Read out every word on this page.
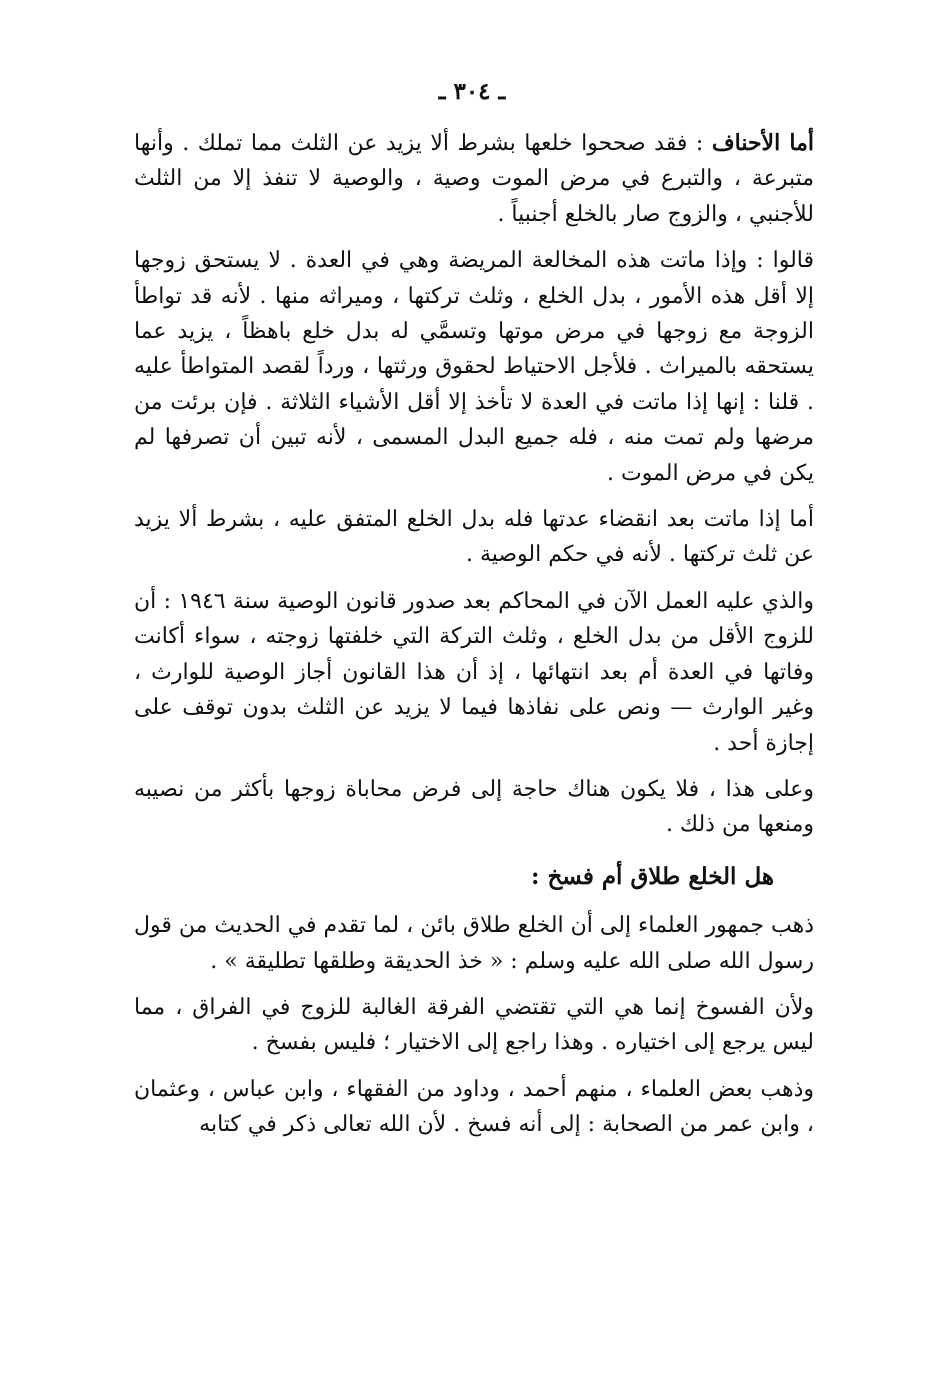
ـ ٣٠٤ ـ

أما الأحناف : فقد صححوا خلعها بشرط ألا يزيد عن الثلث مما تملك . وأنها متبرعة ، والتبرع في مرض الموت وصية ، والوصية لا تنفذ إلا من الثلث للأجنبي ، والزوج صار بالخلع أجنبياً .

قالوا : وإذا ماتت هذه المخالعة المريضة وهي في العدة . لا يستحق زوجها إلا أقل هذه الأمور ، بدل الخلع ، وثلث تركتها ، وميراثه منها . لأنه قد تواطأ الزوجة مع زوجها في مرض موتها وتسمَّي له بدل خلع باهظاً ، يزيد عما يستحقه بالميراث . فلأجل الاحتياط لحقوق ورثتها ، ورداً لقصد المتواطأ عليه . قلنا : إنها إذا ماتت في العدة لا تأخذ إلا أقل الأشياء الثلاثة . فإن برئت من مرضها ولم تمت منه ، فله جميع البدل المسمى ، لأنه تبين أن تصرفها لم يكن في مرض الموت .

أما إذا ماتت بعد انقضاء عدتها فله بدل الخلع المتفق عليه ، بشرط ألا يزيد عن ثلث تركتها . لأنه في حكم الوصية .

والذي عليه العمل الآن في المحاكم بعد صدور قانون الوصية سنة ١٩٤٦ : أن للزوج الأقل من بدل الخلع ، وثلث التركة التي خلفتها زوجته ، سواء أكانت وفاتها في العدة أم بعد انتهائها ، إذ أن هذا القانون أجاز الوصية للوارث ، وغير الوارث — ونص على نفاذها فيما لا يزيد عن الثلث بدون توقف على إجازة أحد .

وعلى هذا ، فلا يكون هناك حاجة إلى فرض محاباة زوجها بأكثر من نصيبه ومنعها من ذلك .

هل الخلع طلاق أم فسخ :

ذهب جمهور العلماء إلى أن الخلع طلاق بائن ، لما تقدم في الحديث من قول رسول الله صلى الله عليه وسلم : « خذ الحديقة وطلقها تطليقة » .

ولأن الفسوخ إنما هي التي تقتضي الفرقة الغالبة للزوج في الفراق ، مما ليس يرجع إلى اختياره . وهذا راجع إلى الاختيار ؛ فليس بفسخ .

وذهب بعض العلماء ، منهم أحمد ، وداود من الفقهاء ، وابن عباس ، وعثمان ، وابن عمر من الصحابة : إلى أنه فسخ . لأن الله تعالى ذكر في كتابه
